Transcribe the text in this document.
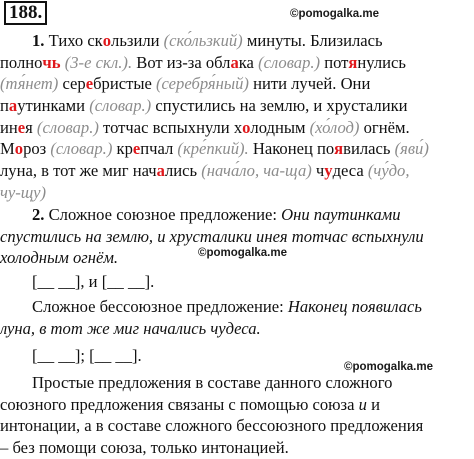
188.	©pomogalka.me
©pomogalka.me
©pomogalka.me
1. Тихо скользили (ско́льзкий) минуты. Близилась
полночь (3-е скл.). Вот из-за облака (словар.) потянулись
(тя́нет) серебристые (серебря́ный) нити лучей. Они
паутинками (словар.) спустились на землю, и хрусталики
инея (словар.) тотчас вспыхнули холодным (хо́лод) огнём.
Мороз (словар.) крепчал (кре́пкий). Наконец появилась (яви́)
луна, в тот же миг начались (нача́ло, ча-ща) чудеса (чу́до,
чу-щу)
2. Сложное союзное предложение: Они паутинками
спустились на землю, и хрусталики инея тотчас вспыхнули
холодным огнём.
[__ __], и [__ __].
Сложное бессоюзное предложение: Наконец появилась
луна, в тот же миг начались чудеса.
[__ __]; [__ __].
Простые предложения в составе данного сложного
союзного предложения связаны с помощью союза и и
интонации, а в составе сложного бессоюзного предложения
– без помощи союза, только интонацией.
